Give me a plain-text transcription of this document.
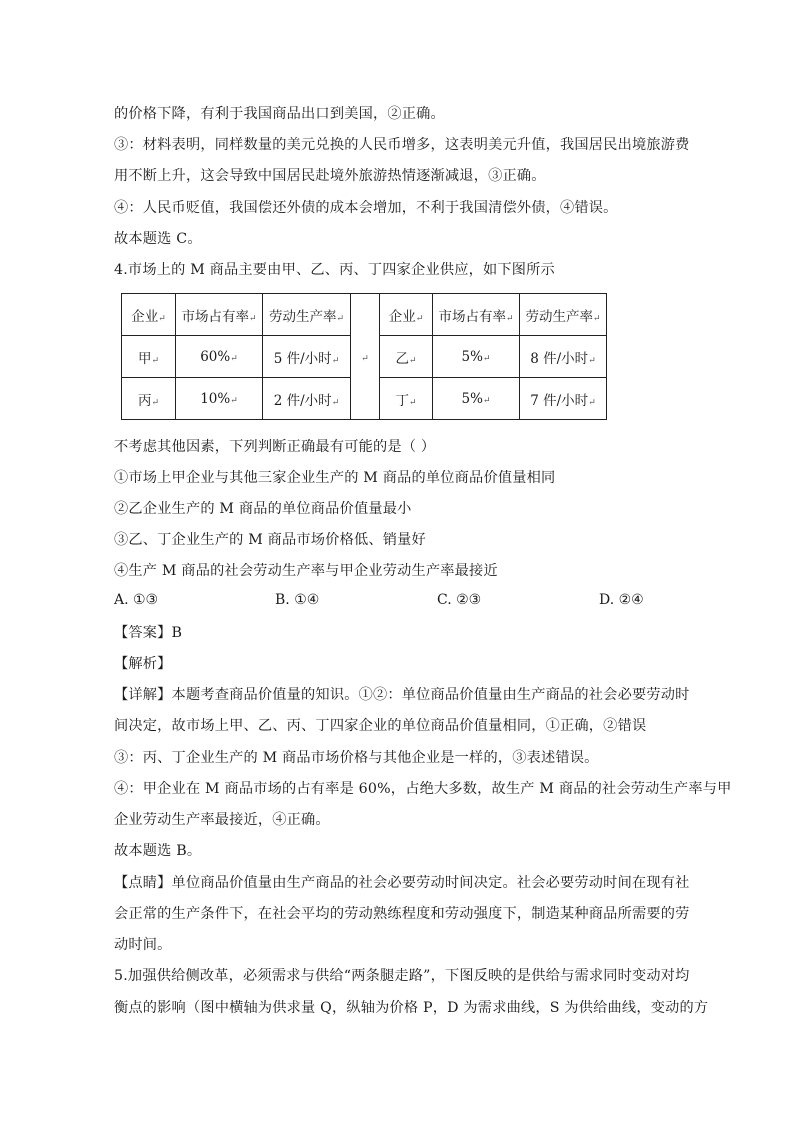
的价格下降，有利于我国商品出口到美国，②正确。
③：材料表明，同样数量的美元兑换的人民币增多，这表明美元升值，我国居民出境旅游费
用不断上升，这会导致中国居民赴境外旅游热情逐渐减退，③正确。
④：人民币贬值，我国偿还外债的成本会增加，不利于我国清偿外债，④错误。
故本题选 C。
4.市场上的 M 商品主要由甲、乙、丙、丁四家企业供应，如下图所示
企业↵	市场占有率↵	劳动生产率↵	↵	企业↵	市场占有率↵	劳动生产率↵
甲↵	60%↵	5 件/小时↵		乙↵	5%↵	8 件/小时↵
丙↵	10%↵	2 件/小时↵		丁↵	5%↵	7 件/小时↵
不考虑其他因素，下列判断正确最有可能的是（ ）
①市场上甲企业与其他三家企业生产的 M 商品的单位商品价值量相同
②乙企业生产的 M 商品的单位商品价值量最小
③乙、丁企业生产的 M 商品市场价格低、销量好
④生产 M 商品的社会劳动生产率与甲企业劳动生产率最接近
A. ①③	B. ①④	C. ②③	D. ②④
【答案】B
【解析】
【详解】本题考查商品价值量的知识。①②：单位商品价值量由生产商品的社会必要劳动时
间决定，故市场上甲、乙、丙、丁四家企业的单位商品价值量相同，①正确，②错误
③：丙、丁企业生产的 M 商品市场价格与其他企业是一样的，③表述错误。
④：甲企业在 M 商品市场的占有率是 60%，占绝大多数，故生产 M 商品的社会劳动生产率与甲
企业劳动生产率最接近，④正确。
故本题选 B。
【点睛】单位商品价值量由生产商品的社会必要劳动时间决定。社会必要劳动时间在现有社
会正常的生产条件下，在社会平均的劳动熟练程度和劳动强度下，制造某种商品所需要的劳
动时间。
5.加强供给侧改革，必须需求与供给“两条腿走路”，下图反映的是供给与需求同时变动对均
衡点的影响（图中横轴为供求量 Q，纵轴为价格 P，D 为需求曲线，S 为供给曲线，变动的方
